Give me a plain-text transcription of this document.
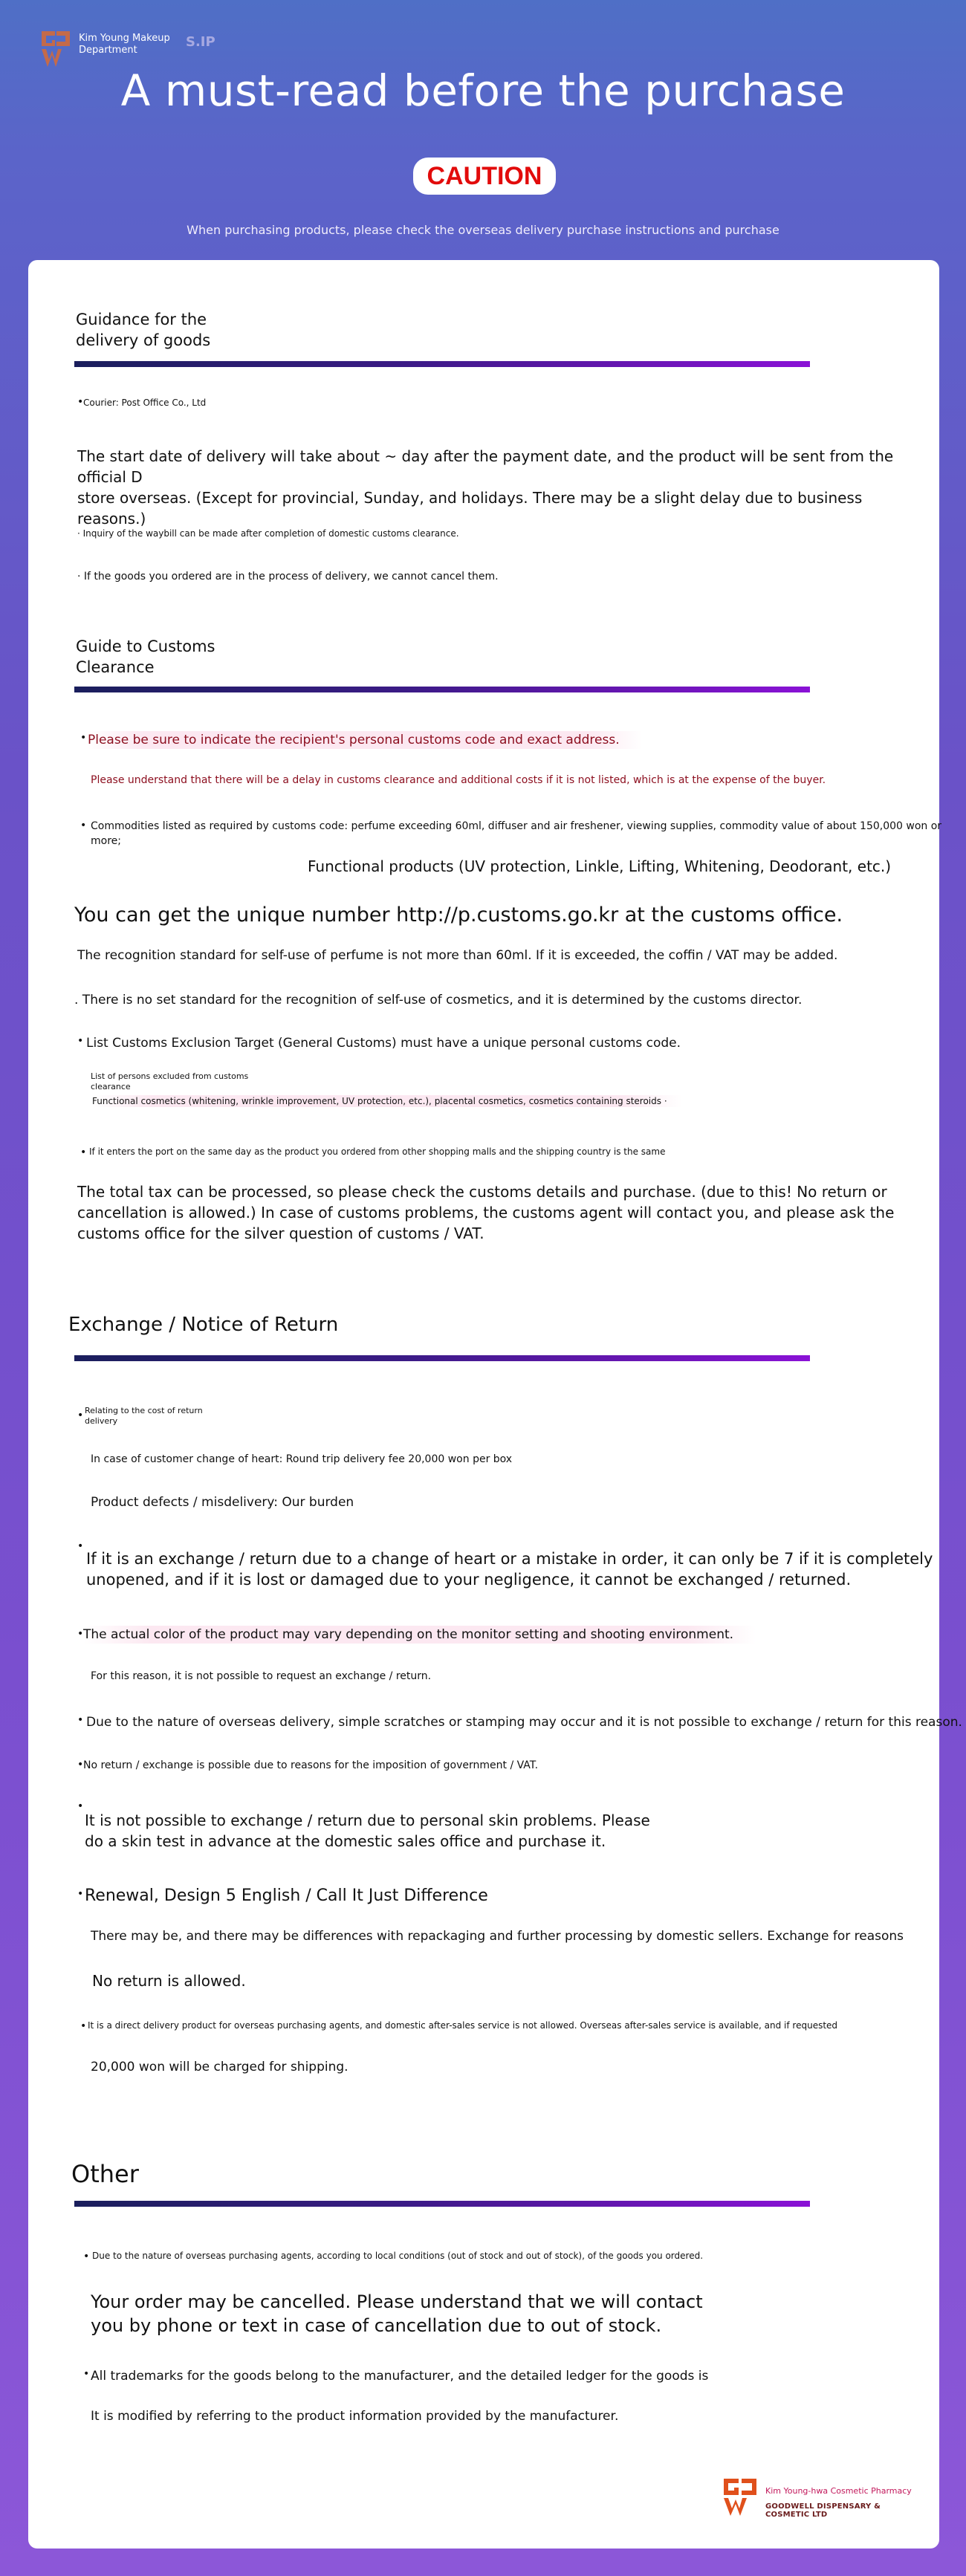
Kim Young Makeup
Department
S.IP
A must-read before the purchase
CAUTION
When purchasing products, please check the overseas delivery purchase instructions and purchase
Guidance for the
delivery of goods
• Courier: Post Office Co., Ltd
The start date of delivery will take about ~ day after the payment date, and the product will be sent from the official D
store overseas. (Except for provincial, Sunday, and holidays. There may be a slight delay due to business reasons.)
· Inquiry of the waybill can be made after completion of domestic customs clearance.
· If the goods you ordered are in the process of delivery, we cannot cancel them.
Guide to Customs
Clearance
• Please be sure to indicate the recipient's personal customs code and exact address.
Please understand that there will be a delay in customs clearance and additional costs if it is not listed, which is at the expense of the buyer.
• Commodities listed as required by customs code: perfume exceeding 60ml, diffuser and air freshener, viewing supplies, commodity value of about 150,000 won or more;
Functional products (UV protection, Linkle, Lifting, Whitening, Deodorant, etc.)
You can get the unique number http://p.customs.go.kr at the customs office.
The recognition standard for self-use of perfume is not more than 60ml. If it is exceeded, the coffin / VAT may be added.
. There is no set standard for the recognition of self-use of cosmetics, and it is determined by the customs director.
• List Customs Exclusion Target (General Customs) must have a unique personal customs code.
List of persons excluded from customs
clearance
Functional cosmetics (whitening, wrinkle improvement, UV protection, etc.), placental cosmetics, cosmetics containing steroids ·
• If it enters the port on the same day as the product you ordered from other shopping malls and the shipping country is the same
The total tax can be processed, so please check the customs details and purchase. (due to this! No return or
cancellation is allowed.) In case of customs problems, the customs agent will contact you, and please ask the
customs office for the silver question of customs / VAT.
Exchange / Notice of Return
• Relating to the cost of return
delivery
In case of customer change of heart: Round trip delivery fee 20,000 won per box
Product defects / misdelivery: Our burden
•
If it is an exchange / return due to a change of heart or a mistake in order, it can only be 7 if it is completely
unopened, and if it is lost or damaged due to your negligence, it cannot be exchanged / returned.
• The actual color of the product may vary depending on the monitor setting and shooting environment.
For this reason, it is not possible to request an exchange / return.
• Due to the nature of overseas delivery, simple scratches or stamping may occur and it is not possible to exchange / return for this reason.
• No return / exchange is possible due to reasons for the imposition of government / VAT.
•
It is not possible to exchange / return due to personal skin problems. Please
do a skin test in advance at the domestic sales office and purchase it.
• Renewal, Design 5 English / Call It Just Difference
There may be, and there may be differences with repackaging and further processing by domestic sellers. Exchange for reasons
No return is allowed.
• It is a direct delivery product for overseas purchasing agents, and domestic after-sales service is not allowed. Overseas after-sales service is available, and if requested
20,000 won will be charged for shipping.
Other
• Due to the nature of overseas purchasing agents, according to local conditions (out of stock and out of stock), of the goods you ordered.
Your order may be cancelled. Please understand that we will contact
you by phone or text in case of cancellation due to out of stock.
• All trademarks for the goods belong to the manufacturer, and the detailed ledger for the goods is
It is modified by referring to the product information provided by the manufacturer.
Kim Young-hwa Cosmetic Pharmacy
GOODWELL DISPENSARY & COSMETIC LTD
